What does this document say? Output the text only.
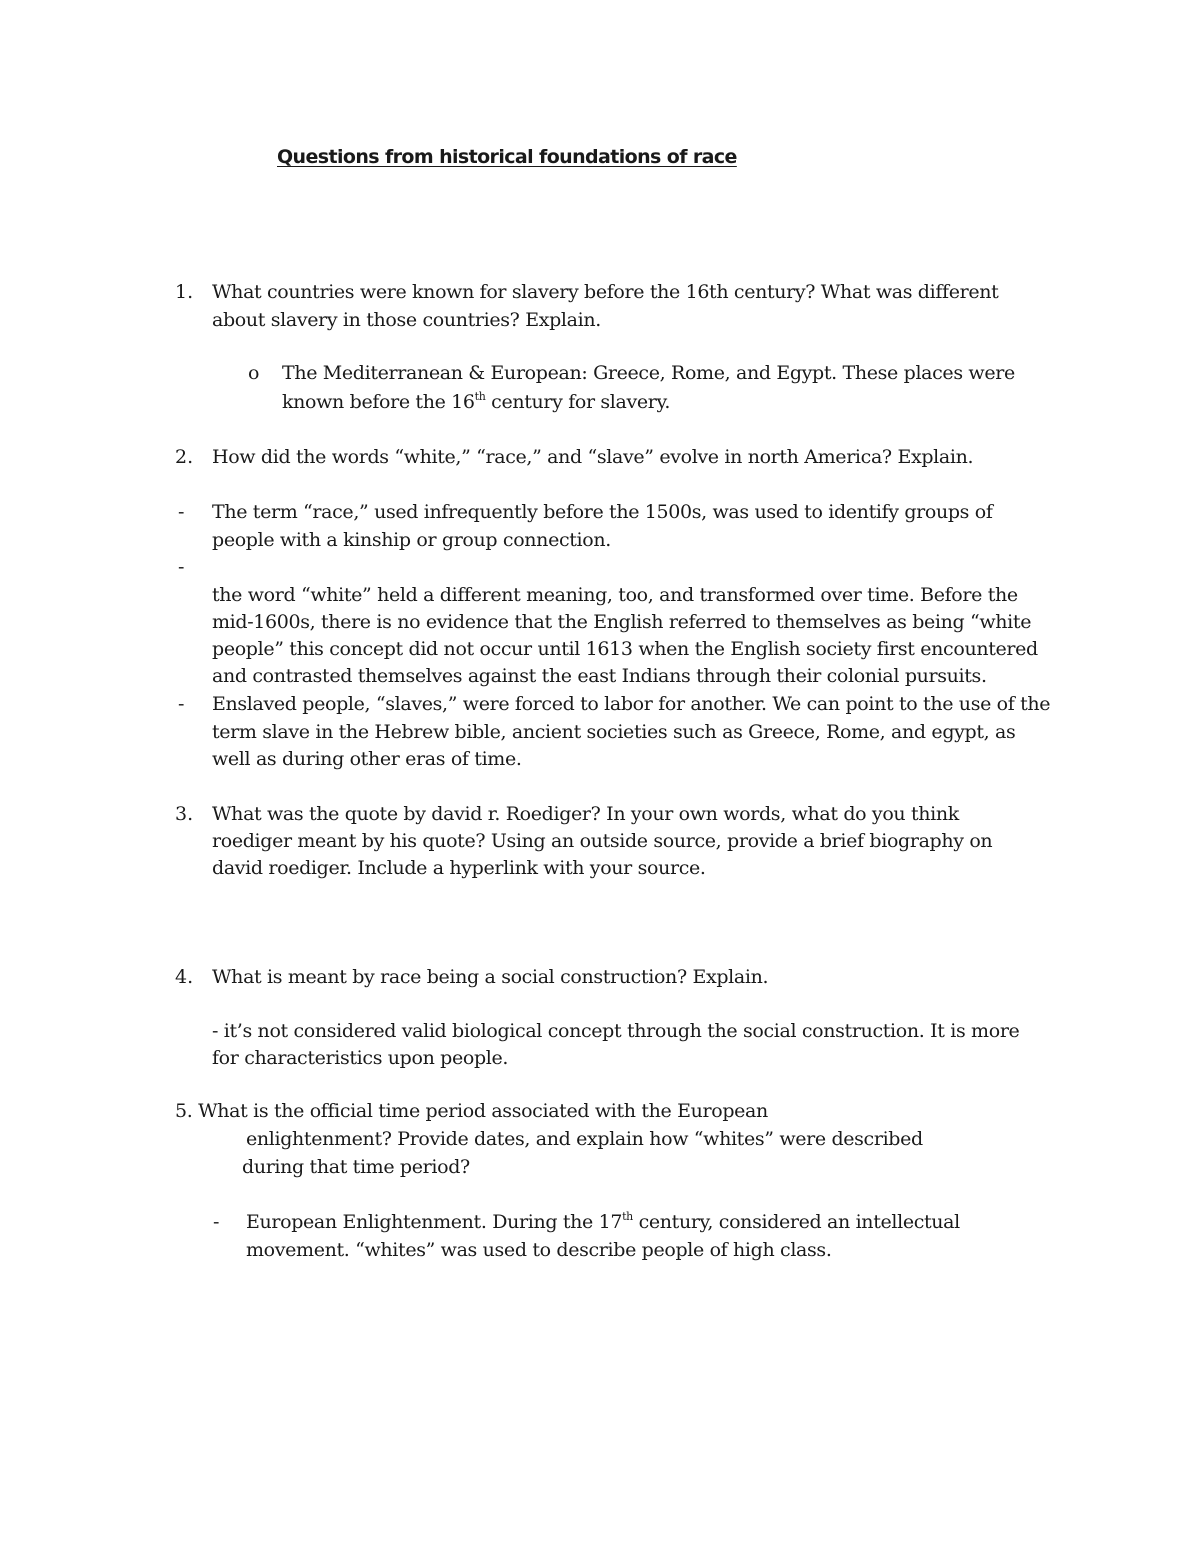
Questions from historical foundations of race
1. What countries were known for slavery before the 16th century? What was different
about slavery in those countries? Explain.
o The Mediterranean & European: Greece, Rome, and Egypt. These places were
known before the 16th century for slavery.
2. How did the words “white,” “race,” and “slave” evolve in north America? Explain.
- The term “race,” used infrequently before the 1500s, was used to identify groups of
people with a kinship or group connection.
-
the word “white” held a different meaning, too, and transformed over time. Before the
mid-1600s, there is no evidence that the English referred to themselves as being “white
people” this concept did not occur until 1613 when the English society first encountered
and contrasted themselves against the east Indians through their colonial pursuits.
- Enslaved people, “slaves,” were forced to labor for another. We can point to the use of the
term slave in the Hebrew bible, ancient societies such as Greece, Rome, and egypt, as
well as during other eras of time.
3. What was the quote by david r. Roediger? In your own words, what do you think
roediger meant by his quote? Using an outside source, provide a brief biography on
david roediger. Include a hyperlink with your source.
4. What is meant by race being a social construction? Explain.
- it’s not considered valid biological concept through the social construction. It is more
for characteristics upon people.
5. What is the official time period associated with the European
enlightenment? Provide dates, and explain how “whites” were described
during that time period?
- European Enlightenment. During the 17th century, considered an intellectual
movement. “whites” was used to describe people of high class.
